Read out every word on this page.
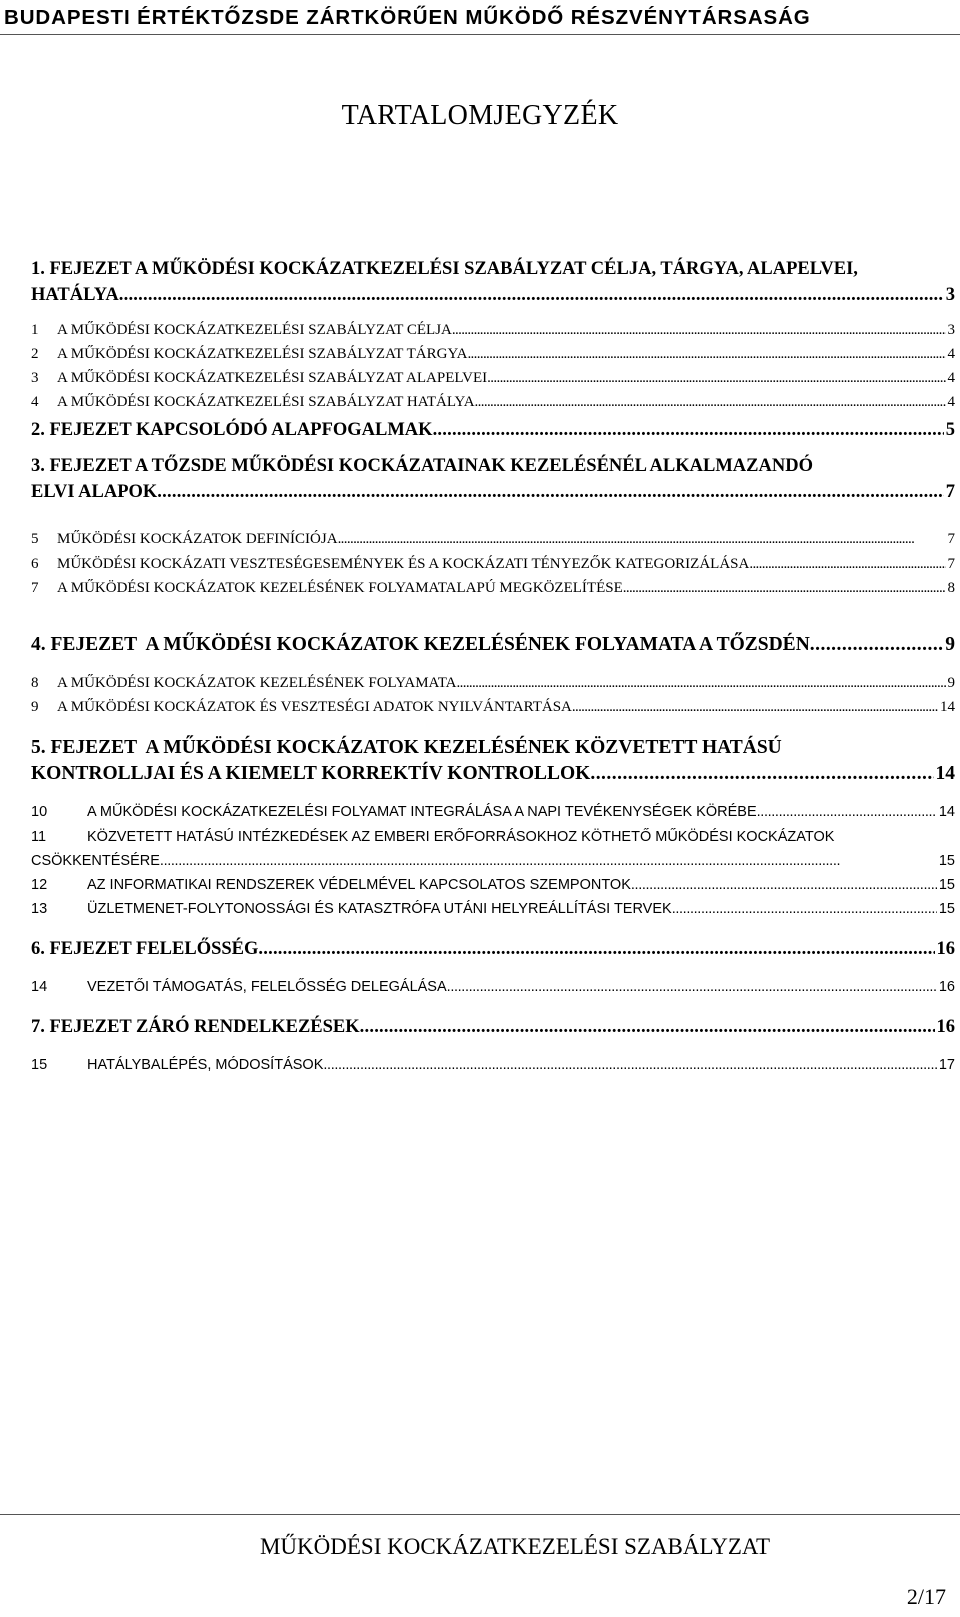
BUDAPESTI ÉRTÉKTŐZSDE ZÁRTKÖRŰEN MŰKÖDŐ RÉSZVÉNYTÁRSASÁG
TARTALOMJEGYZÉK
1. FEJEZET A MŰKÖDÉSI KOCKÁZATKEZELÉSI SZABÁLYZAT CÉLJA, TÁRGYA, ALAPELVEI,
HATÁLYA . . .	3
1	A MŰKÖDÉSI KOCKÁZATKEZELÉSI SZABÁLYZAT CÉLJA . . .	3
2	A MŰKÖDÉSI KOCKÁZATKEZELÉSI SZABÁLYZAT TÁRGYA . . .	4
3	A MŰKÖDÉSI KOCKÁZATKEZELÉSI SZABÁLYZAT ALAPELVEI . . .	4
4	A MŰKÖDÉSI KOCKÁZATKEZELÉSI SZABÁLYZAT HATÁLYA . . .	4
2. FEJEZET KAPCSOLÓDÓ ALAPFOGALMAK . . .	5
3. FEJEZET A TŐZSDE MŰKÖDÉSI KOCKÁZATAINAK KEZELÉSÉNÉL ALKALMAZANDÓ
ELVI ALAPOK . . .	7
5	MŰKÖDÉSI KOCKÁZATOK DEFINÍCIÓJA . . .	7
6	MŰKÖDÉSI KOCKÁZATI VESZTESÉGESEMÉNYEK ÉS A KOCKÁZATI TÉNYEZŐK KATEGORIZÁLÁSA . . .	7
7	A MŰKÖDÉSI KOCKÁZATOK KEZELÉSÉNEK FOLYAMATALAPÚ MEGKÖZELÍTÉSE . . .	8
4. FEJEZET  A MŰKÖDÉSI KOCKÁZATOK KEZELÉSÉNEK FOLYAMATA A TŐZSDÉN . . .	9
8	A MŰKÖDÉSI KOCKÁZATOK KEZELÉSÉNEK FOLYAMATA . . .	9
9	A MŰKÖDÉSI KOCKÁZATOK ÉS VESZTESÉGI ADATOK NYILVÁNTARTÁSA . . .	14
5. FEJEZET  A MŰKÖDÉSI KOCKÁZATOK KEZELÉSÉNEK KÖZVETETT HATÁSÚ
KONTROLLJAI ÉS A KIEMELT KORREKTÍV KONTROLLOK . . .	14
10	A MŰKÖDÉSI KOCKÁZATKEZELÉSI FOLYAMAT INTEGRÁLÁSA A NAPI TEVÉKENYSÉGEK KÖRÉBE . . .	14
11	KÖZVETETT HATÁSÚ INTÉZKEDÉSEK AZ EMBERI ERŐFORRÁSOKHOZ KÖTHETŐ MŰKÖDÉSI KOCKÁZATOK
CSÖKKENTÉSÉRE . . .	15
12	AZ INFORMATIKAI RENDSZEREK VÉDELMÉVEL KAPCSOLATOS SZEMPONTOK . . .	15
13	ÜZLETMENET-FOLYTONOSSÁGI ÉS KATASZTRÓFA UTÁNI HELYREÁLLÍTÁSI TERVEK . . .	15
6. FEJEZET FELELŐSSÉG . . .	16
14	VEZETŐI TÁMOGATÁS, FELELŐSSÉG DELEGÁLÁSA . . .	16
7. FEJEZET ZÁRÓ RENDELKEZÉSEK . . .	16
15	HATÁLYBALÉPÉS, MÓDOSÍTÁSOK . . .	17
MŰKÖDÉSI KOCKÁZATKEZELÉSI SZABÁLYZAT
2/17
